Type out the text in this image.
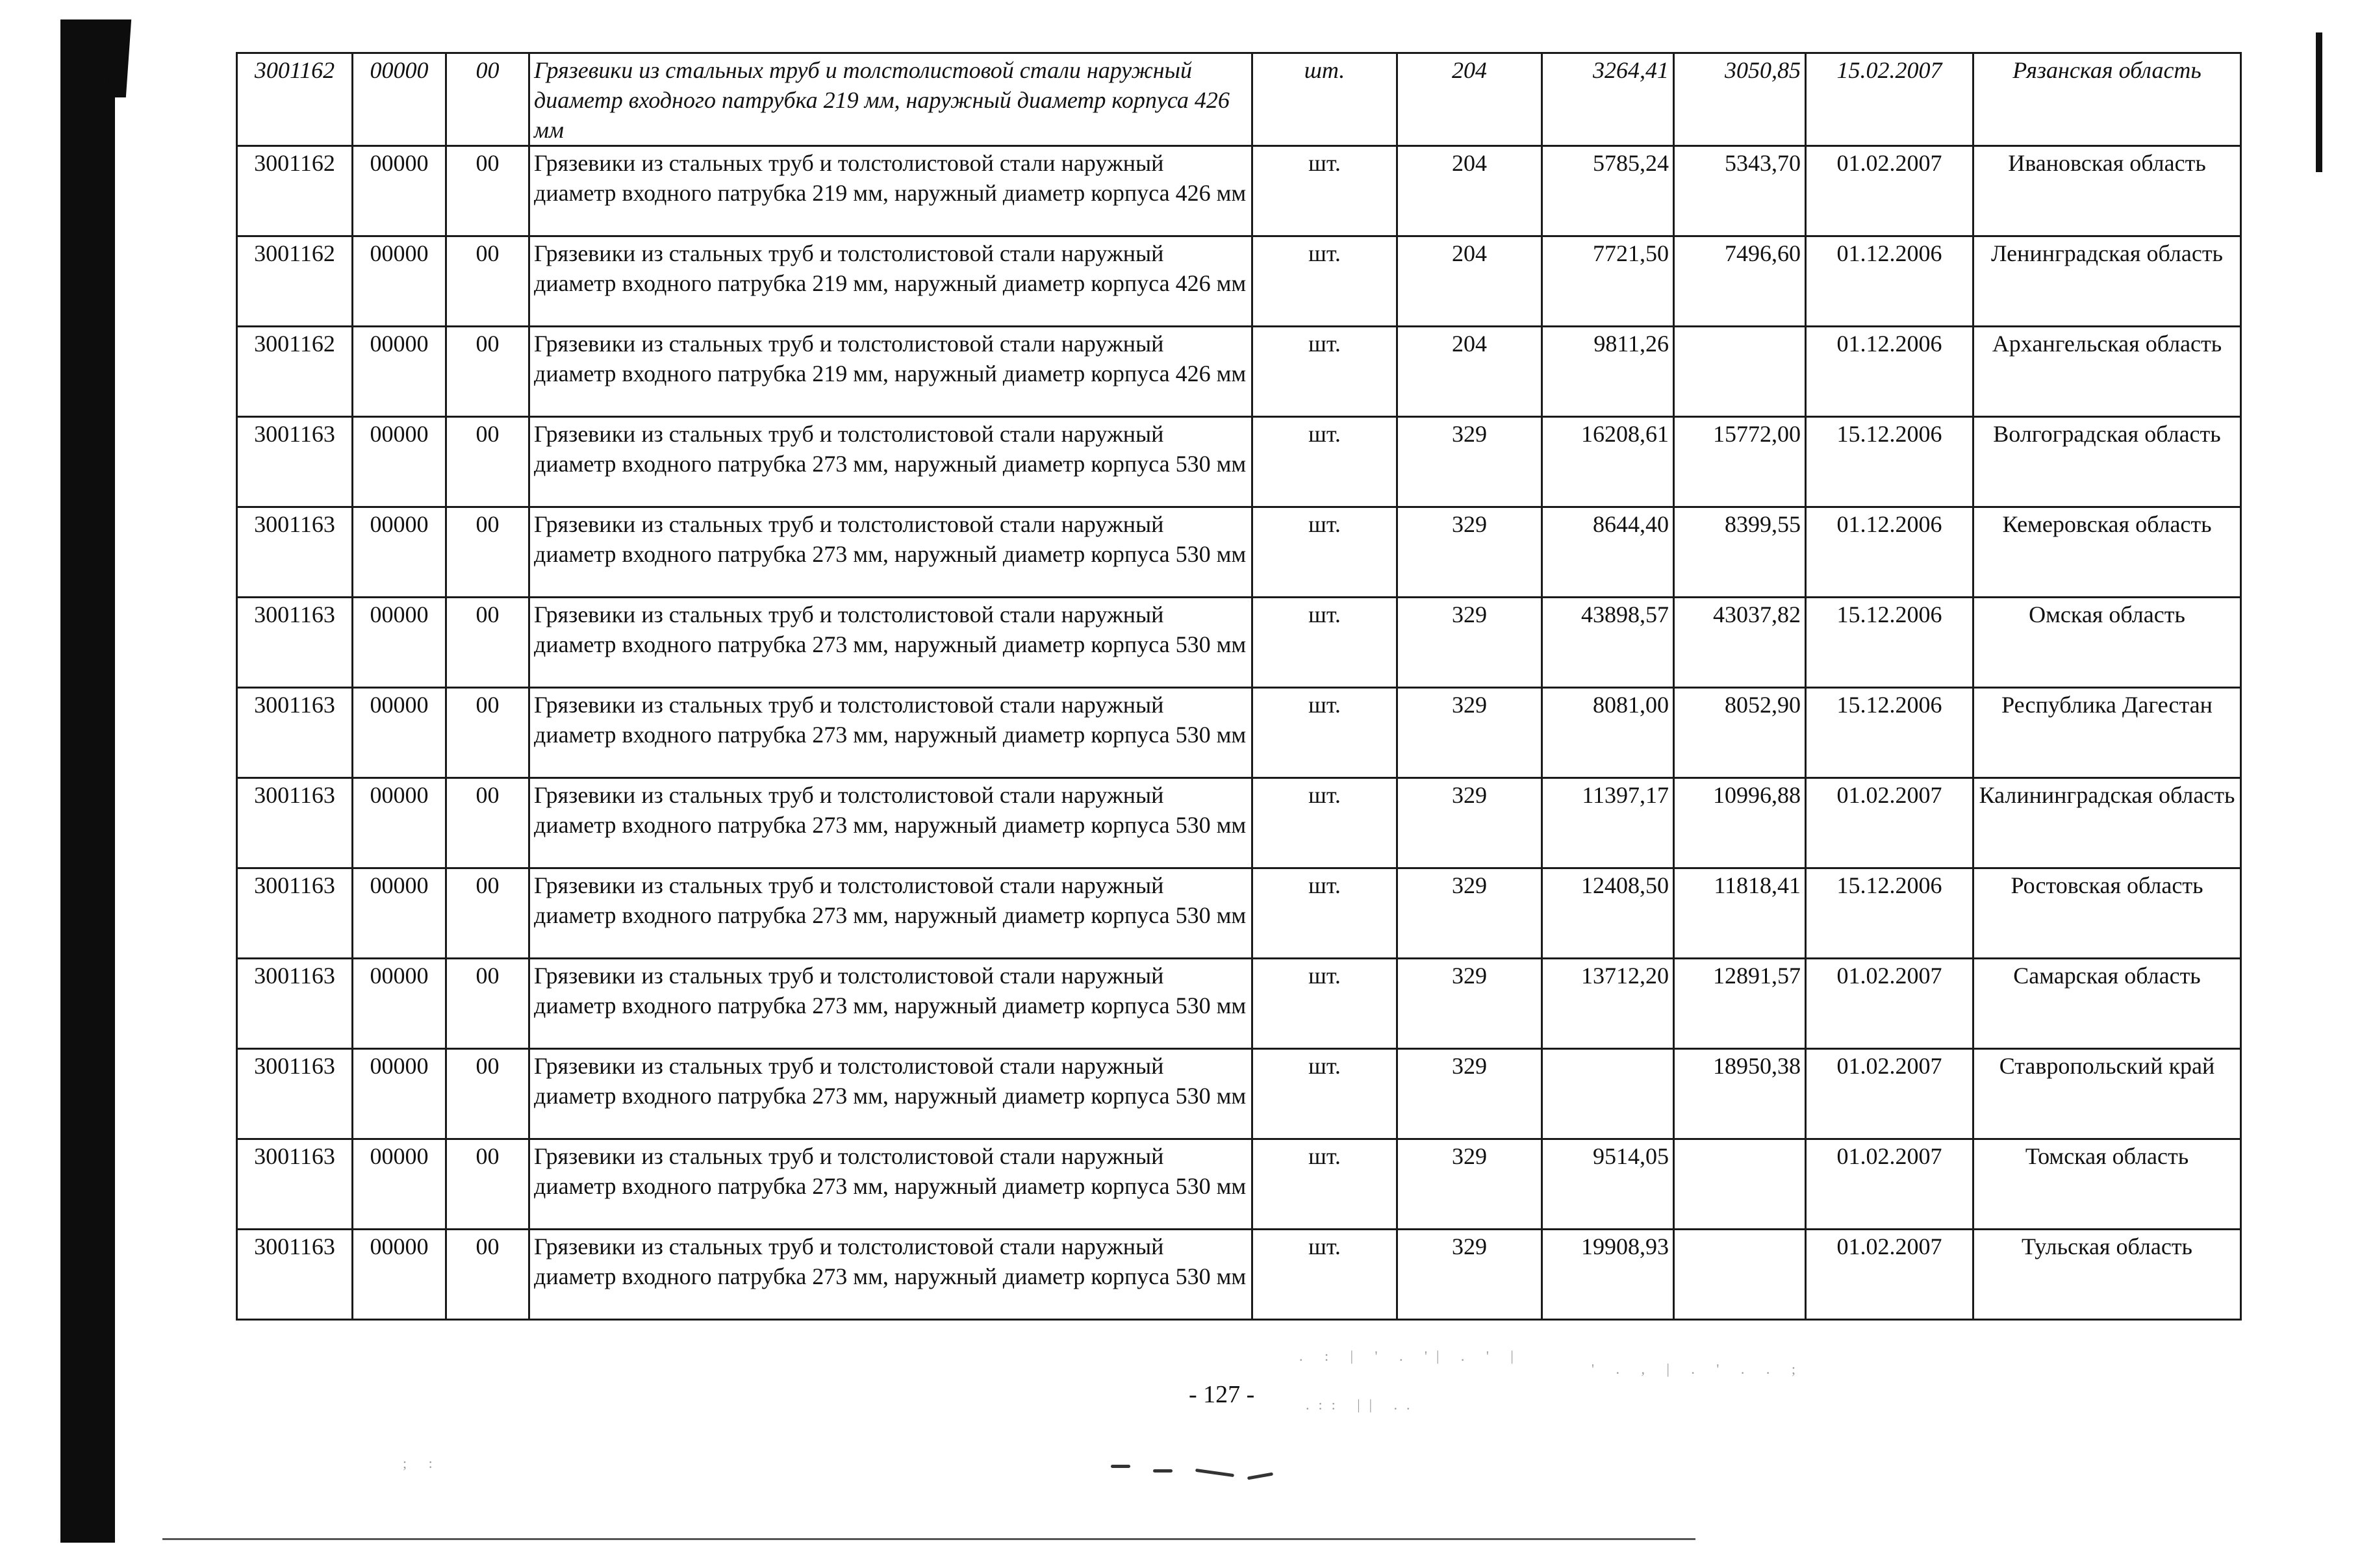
. : | ' . '| . ' |
.:: || ..
' . , | . ' . . ;
; :
3001162	00000	00	Грязевики из стальных труб и толстолистовой стали наружный диаметр входного патрубка 219 мм, наружный диаметр корпуса 426 мм	шт.	204	3264,41	3050,85	15.02.2007	Рязанская область
3001162	00000	00	Грязевики из стальных труб и толстолистовой стали наружный диаметр входного патрубка 219 мм, наружный диаметр корпуса 426 мм	шт.	204	5785,24	5343,70	01.02.2007	Ивановская область
3001162	00000	00	Грязевики из стальных труб и толстолистовой стали наружный диаметр входного патрубка 219 мм, наружный диаметр корпуса 426 мм	шт.	204	7721,50	7496,60	01.12.2006	Ленинградская область
3001162	00000	00	Грязевики из стальных труб и толстолистовой стали наружный диаметр входного патрубка 219 мм, наружный диаметр корпуса 426 мм	шт.	204	9811,26		01.12.2006	Архангельская область
3001163	00000	00	Грязевики из стальных труб и толстолистовой стали наружный диаметр входного патрубка 273 мм, наружный диаметр корпуса 530 мм	шт.	329	16208,61	15772,00	15.12.2006	Волгоградская область
3001163	00000	00	Грязевики из стальных труб и толстолистовой стали наружный диаметр входного патрубка 273 мм, наружный диаметр корпуса 530 мм	шт.	329	8644,40	8399,55	01.12.2006	Кемеровская область
3001163	00000	00	Грязевики из стальных труб и толстолистовой стали наружный диаметр входного патрубка 273 мм, наружный диаметр корпуса 530 мм	шт.	329	43898,57	43037,82	15.12.2006	Омская область
3001163	00000	00	Грязевики из стальных труб и толстолистовой стали наружный диаметр входного патрубка 273 мм, наружный диаметр корпуса 530 мм	шт.	329	8081,00	8052,90	15.12.2006	Республика Дагестан
3001163	00000	00	Грязевики из стальных труб и толстолистовой стали наружный диаметр входного патрубка 273 мм, наружный диаметр корпуса 530 мм	шт.	329	11397,17	10996,88	01.02.2007	Калининградская область
3001163	00000	00	Грязевики из стальных труб и толстолистовой стали наружный диаметр входного патрубка 273 мм, наружный диаметр корпуса 530 мм	шт.	329	12408,50	11818,41	15.12.2006	Ростовская область
3001163	00000	00	Грязевики из стальных труб и толстолистовой стали наружный диаметр входного патрубка 273 мм, наружный диаметр корпуса 530 мм	шт.	329	13712,20	12891,57	01.02.2007	Самарская область
3001163	00000	00	Грязевики из стальных труб и толстолистовой стали наружный диаметр входного патрубка 273 мм, наружный диаметр корпуса 530 мм	шт.	329		18950,38	01.02.2007	Ставропольский край
3001163	00000	00	Грязевики из стальных труб и толстолистовой стали наружный диаметр входного патрубка 273 мм, наружный диаметр корпуса 530 мм	шт.	329	9514,05		01.02.2007	Томская область
3001163	00000	00	Грязевики из стальных труб и толстолистовой стали наружный диаметр входного патрубка 273 мм, наружный диаметр корпуса 530 мм	шт.	329	19908,93		01.02.2007	Тульская область
- 127 -
